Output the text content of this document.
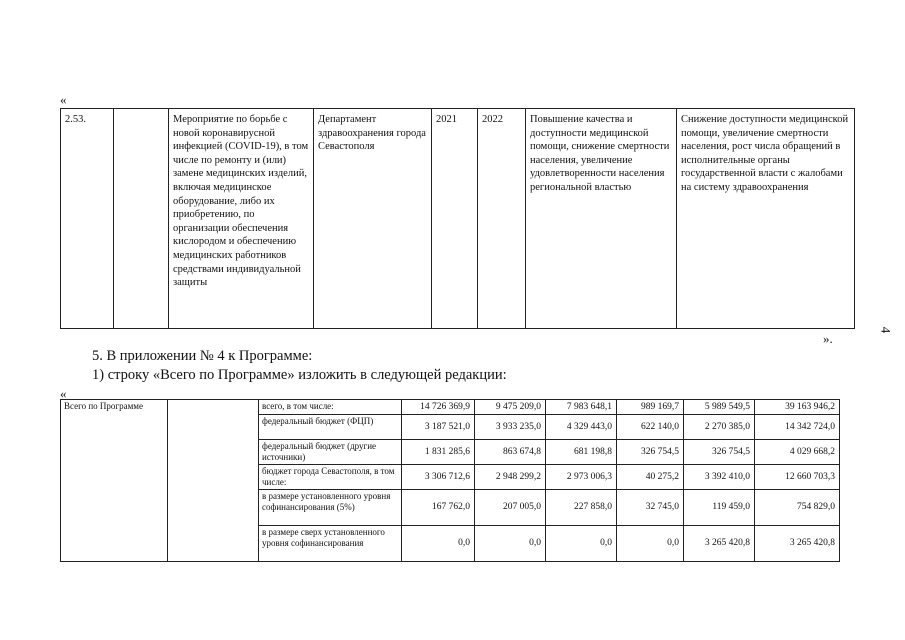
«
2.53.		Мероприятие по борьбе с новой коронавирусной инфекцией (COVID-19), в том числе по ремонту и (или) замене медицинских изделий, включая медицинское оборудование, либо их приобретению, по организации обеспечения кислородом и обеспечению медицинских работников средствами индивидуальной защиты	Департамент здравоохранения города Севастополя	2021	2022	Повышение качества и доступности медицинской помощи, снижение смертности населения, увеличение удовлетворенности населения региональной властью	Снижение доступности медицинской помощи, увеличение смертности населения, рост числа обращений в исполнительные органы государственной власти с жалобами на систему здравоохранения
».
4
5. В приложении № 4 к Программе:
1) строку «Всего по Программе» изложить в следующей редакции:
«
Всего по Программе		всего, в том числе:	14 726 369,9	9 475 209,0	7 983 648,1	989 169,7	5 989 549,5	39 163 946,2
		федеральный бюджет (ФЦП)	3 187 521,0	3 933 235,0	4 329 443,0	622 140,0	2 270 385,0	14 342 724,0
		федеральный бюджет (другие источники)	1 831 285,6	863 674,8	681 198,8	326 754,5	326 754,5	4 029 668,2
		бюджет города Севастополя, в том числе:	3 306 712,6	2 948 299,2	2 973 006,3	40 275,2	3 392 410,0	12 660 703,3
		в размере установленного уровня софинансирования (5%)	167 762,0	207 005,0	227 858,0	32 745,0	119 459,0	754 829,0
		в размере сверх установленного уровня софинансирования	0,0	0,0	0,0	0,0	3 265 420,8	3 265 420,8
